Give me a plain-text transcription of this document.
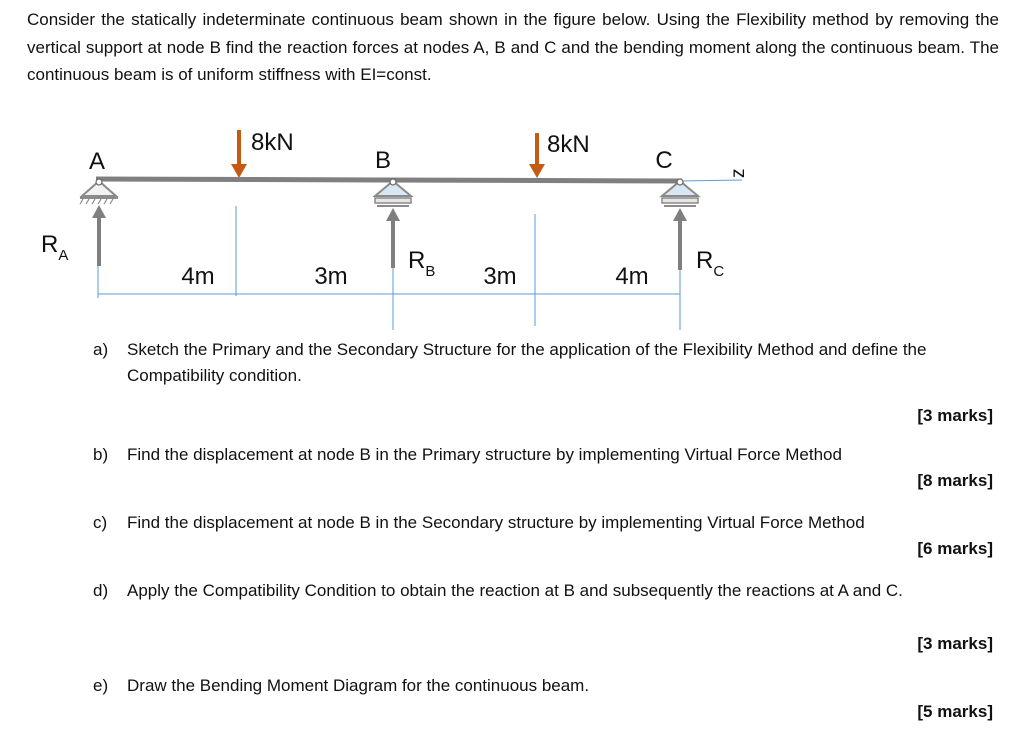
Consider the statically indeterminate continuous beam shown in the figure below. Using the Flexibility method by removing the vertical support at node B find the reaction forces at nodes A, B and C and the bending moment along the continuous beam. The continuous beam is of uniform stiffness with EI=const.

A	B	C
8kN	8kN
4m	3m	3m	4m
$R_A$	$R_B$	$R_C$
z
a) Sketch the Primary and the Secondary Structure for the application of the Flexibility Method and define the Compatibility condition.
[3 marks]
b) Find the displacement at node B in the Primary structure by implementing Virtual Force Method
[8 marks]
c) Find the displacement at node B in the Secondary structure by implementing Virtual Force Method
[6 marks]
d) Apply the Compatibility Condition to obtain the reaction at B and subsequently the reactions at A and C.
[3 marks]
e) Draw the Bending Moment Diagram for the continuous beam.
[5 marks]
